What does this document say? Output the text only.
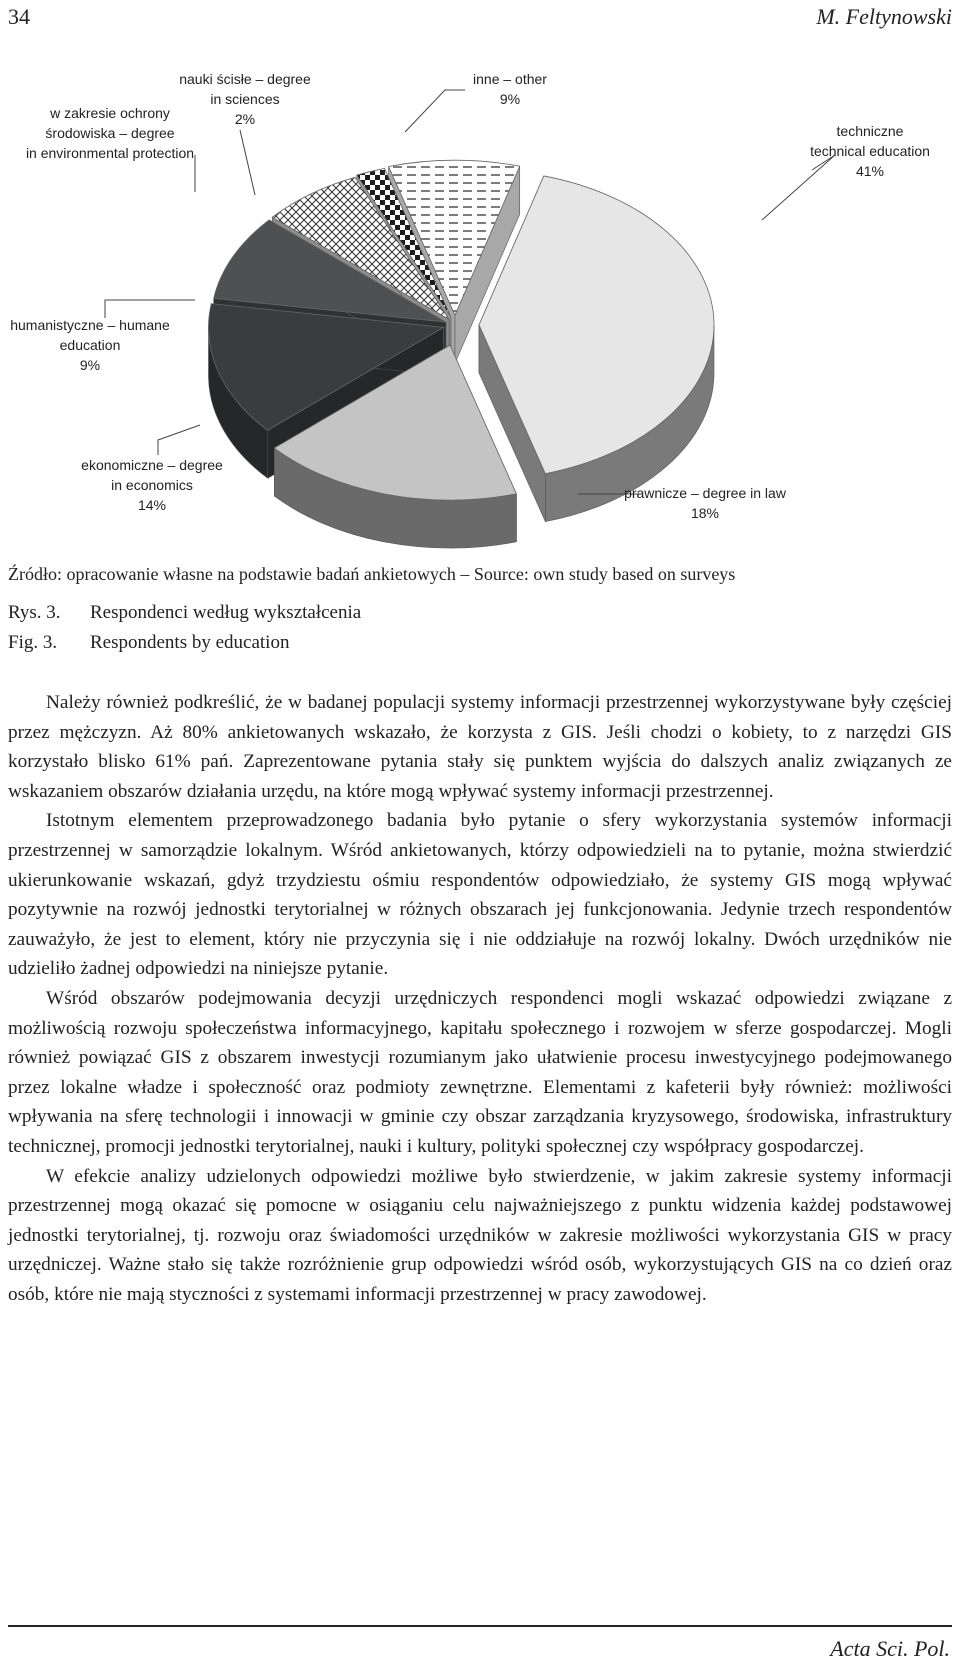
34	M. Feltynowski
techniczne
technical education
41%
prawnicze – degree in law
18%
ekonomiczne – degree
in economics
14%
humanistyczne – humane
education
9%
w zakresie ochrony
środowiska – degree
in environmental protection
nauki ścisłe – degree
in sciences
2%
inne – other
9%
Źródło: opracowanie własne na podstawie badań ankietowych – Source: own study based on surveys
Rys. 3.	Respondenci według wykształcenia
Fig. 3.	Respondents by education

Należy również podkreślić, że w badanej populacji systemy informacji przestrzennej wykorzystywane były częściej przez mężczyzn. Aż 80% ankietowanych wskazało, że korzysta z GIS. Jeśli chodzi o kobiety, to z narzędzi GIS korzystało blisko 61% pań. Zaprezentowane pytania stały się punktem wyjścia do dalszych analiz związanych ze wskazaniem obszarów działania urzędu, na które mogą wpływać systemy informacji przestrzennej.

Istotnym elementem przeprowadzonego badania było pytanie o sfery wykorzystania systemów informacji przestrzennej w samorządzie lokalnym. Wśród ankietowanych, którzy odpowiedzieli na to pytanie, można stwierdzić ukierunkowanie wskazań, gdyż trzydziestu ośmiu respondentów odpowiedziało, że systemy GIS mogą wpływać pozytywnie na rozwój jednostki terytorialnej w różnych obszarach jej funkcjonowania. Jedynie trzech respondentów zauważyło, że jest to element, który nie przyczynia się i nie oddziałuje na rozwój lokalny. Dwóch urzędników nie udzieliło żadnej odpowiedzi na niniejsze pytanie.

Wśród obszarów podejmowania decyzji urzędniczych respondenci mogli wskazać odpowiedzi związane z możliwością rozwoju społeczeństwa informacyjnego, kapitału społecznego i rozwojem w sferze gospodarczej. Mogli również powiązać GIS z obszarem inwestycji rozumianym jako ułatwienie procesu inwestycyjnego podejmowanego przez lokalne władze i społeczność oraz podmioty zewnętrzne. Elementami z kafeterii były również: możliwości wpływania na sferę technologii i innowacji w gminie czy obszar zarządzania kryzysowego, środowiska, infrastruktury technicznej, promocji jednostki terytorialnej, nauki i kultury, polityki społecznej czy współpracy gospodarczej.

W efekcie analizy udzielonych odpowiedzi możliwe było stwierdzenie, w jakim zakresie systemy informacji przestrzennej mogą okazać się pomocne w osiąganiu celu najważniejszego z punktu widzenia każdej podstawowej jednostki terytorialnej, tj. rozwoju oraz świadomości urzędników w zakresie możliwości wykorzystania GIS w pracy urzędniczej. Ważne stało się także rozróżnienie grup odpowiedzi wśród osób, wykorzystujących GIS na co dzień oraz osób, które nie mają styczności z systemami informacji przestrzennej w pracy zawodowej.

Acta Sci. Pol.
